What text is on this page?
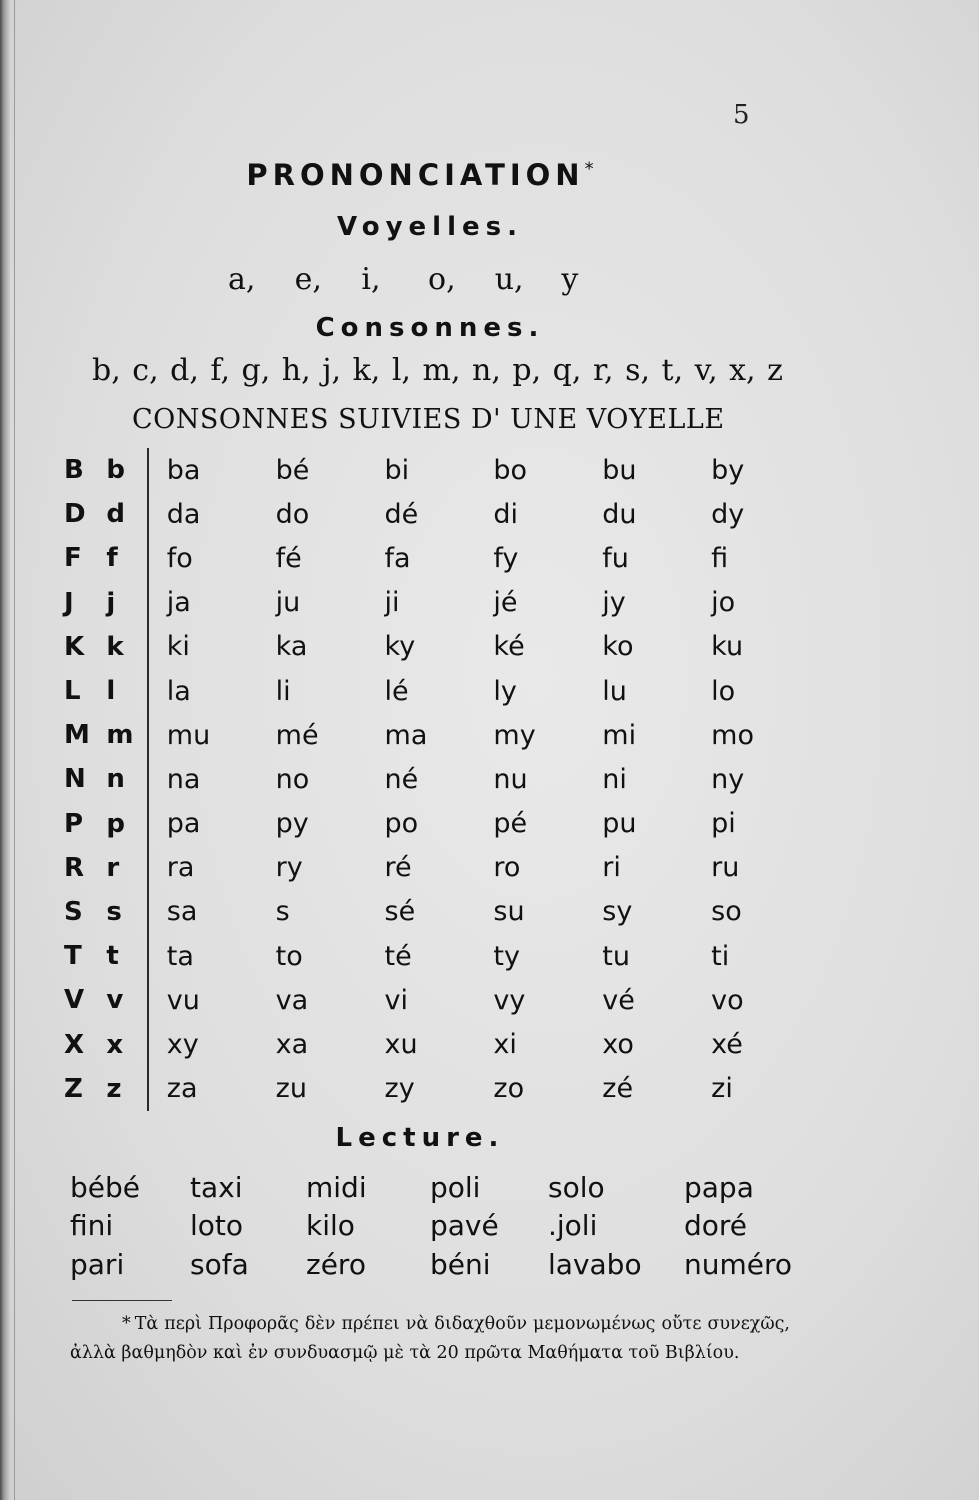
5
PRONONCIATION*
Voyelles.
a,	e,	i,	o,	u,	y
Consonnes.
b, c, d, f, g, h, j, k, l, m, n, p, q, r, s, t, v, x, z
CONSONNES SUIVIES D' UNE VOYELLE
B b	ba	bé	bi	bo	bu	by
D d	da	do	dé	di	du	dy
F f	fo	fé	fa	fy	fu	fi
J	j	ja	ju	ji	jé	jy	jo
K k	ki	ka	ky	ké	ko	ku
L l	la	li	lé	ly	lu	lo
M m	mu	mé	ma	my	mi	mo
N n	na	no	né	nu	ni	ny
P p	pa	py	po	pé	pu	pi
R r	ra	ry	ré	ro	ri	ru
S s	sa	s	sé	su	sy	so
T t	ta	to	té	ty	tu	ti
V v	vu	va	vi	vy	vé	vo
X x	xy	xa	xu	xi	xo	xé
Z z	za	zu	zy	zo	zé	zi
Lecture.
bébé	taxi	midi	poli	solo	papa
fini	loto	kilo	pavé	.joli	doré
pari	sofa	zéro	béni	lavabo	numéro
* Τὰ περὶ Προφορᾶς δὲν πρέπει νὰ διδαχθοῦν μεμονωμένως οὔτε συνεχῶς, ἀλλὰ βαθμηδὸν καὶ ἐν συνδυασμῷ μὲ τὰ 20 πρῶτα Μαθήματα τοῦ Βιβλίου.
